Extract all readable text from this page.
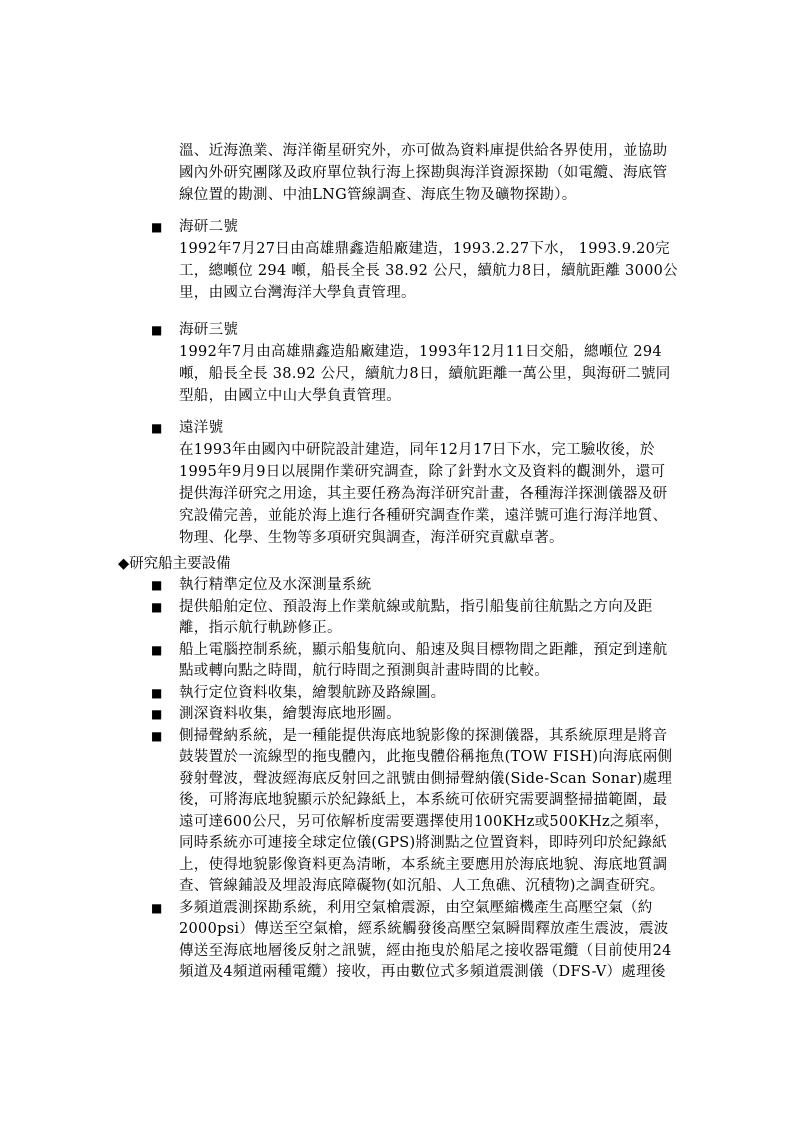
溫、近海漁業、海洋衛星研究外，亦可做為資料庫提供給各界使用，並協助國內外研究團隊及政府單位執行海上探勘與海洋資源探勘（如電纜、海底管線位置的勘測、中油LNG管線調查、海底生物及礦物探勘）。
■ 海研二號
1992年7月27日由高雄鼎鑫造船廠建造，1993.2.27下水， 1993.9.20完工，總噸位 294 噸，船長全長 38.92 公尺，續航力8日，續航距離 3000公里，由國立台灣海洋大學負責管理。
■ 海研三號
1992年7月由高雄鼎鑫造船廠建造，1993年12月11日交船，總噸位 294 噸，船長全長 38.92 公尺，續航力8日，續航距離一萬公里，與海研二號同型船，由國立中山大學負責管理。
■ 遠洋號
在1993年由國內中研院設計建造，同年12月17日下水，完工驗收後，於1995年9月9日以展開作業研究調查，除了針對水文及資料的觀測外，還可提供海洋研究之用途，其主要任務為海洋研究計畫，各種海洋探測儀器及研究設備完善，並能於海上進行各種研究調查作業，遠洋號可進行海洋地質、物理、化學、生物等多項研究與調查，海洋研究貢獻卓著。
◆研究船主要設備
■ 執行精準定位及水深測量系統
■ 提供船舶定位、預設海上作業航線或航點，指引船隻前往航點之方向及距離，指示航行軌跡修正。
■ 船上電腦控制系統，顯示船隻航向、船速及與目標物間之距離，預定到達航點或轉向點之時間，航行時間之預測與計畫時間的比較。
■ 執行定位資料收集，繪製航跡及路線圖。
■ 測深資料收集，繪製海底地形圖。
■ 側掃聲納系統，是一種能提供海底地貌影像的探測儀器，其系統原理是將音鼓裝置於一流線型的拖曳體內，此拖曳體俗稱拖魚(TOW FISH)向海底兩側發射聲波，聲波經海底反射回之訊號由側掃聲納儀(Side-Scan Sonar)處理後，可將海底地貌顯示於紀錄紙上，本系統可依研究需要調整掃描範圍，最遠可達600公尺，另可依解析度需要選擇使用100KHz或500KHz之頻率，同時系統亦可連接全球定位儀(GPS)將測點之位置資料，即時列印於紀錄紙上，使得地貌影像資料更為清晰，本系統主要應用於海底地貌、海底地質調查、管線鋪設及埋設海底障礙物(如沉船、人工魚礁、沉積物)之調查研究。
■ 多頻道震測探勘系統，利用空氣槍震源，由空氣壓縮機產生高壓空氣（約2000psi）傳送至空氣槍，經系統觸發後高壓空氣瞬間釋放產生震波，震波傳送至海底地層後反射之訊號，經由拖曳於船尾之接收器電纜（目前使用24頻道及4頻道兩種電纜）接收，再由數位式多頻道震測儀（DFS-V）處理後
